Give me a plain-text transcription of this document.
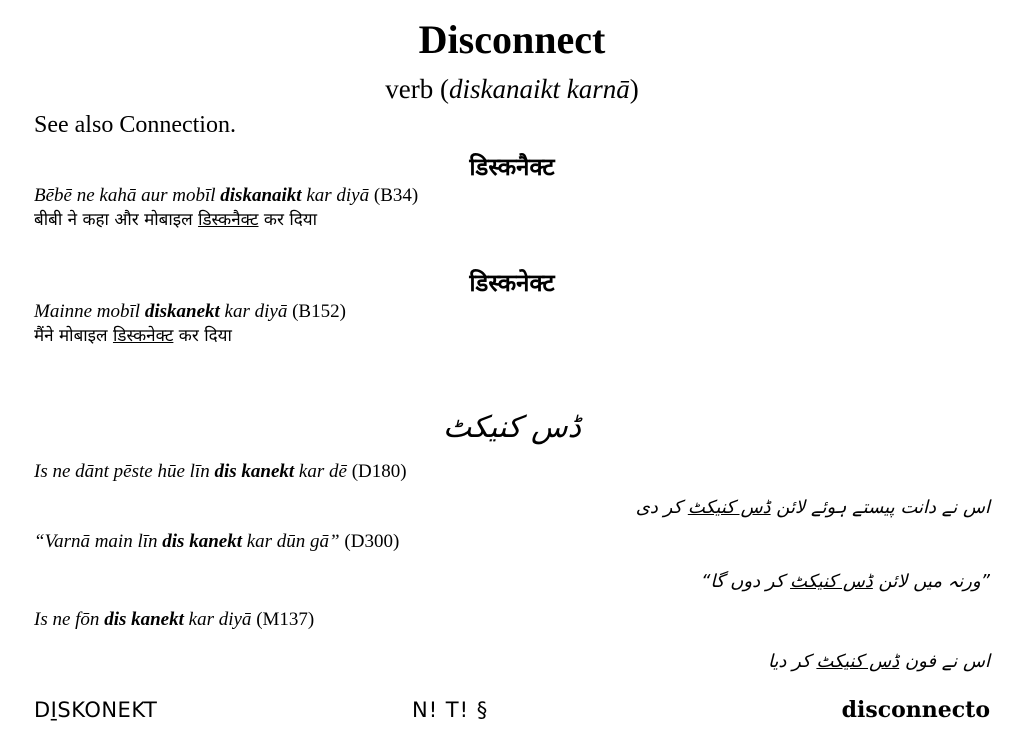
Disconnect
verb (diskanaikt karnā)
See also Connection.
डिस्कनैक्ट
Bēbē ne kahā aur mobīl diskanaikt kar diyā (B34)
बीबी ने कहा और मोबाइल डिस्कनैक्ट कर दिया
डिस्कनेक्ट
Mainne mobīl diskanekt kar diyā (B152)
मैंने मोबाइल डिस्कनेक्ट कर दिया
ڈس کنیکٹ
Is ne dānt pēste hūe līn dis kanekt kar dē (D180)
اس نے دانت پیستے ہوئے لائن ڈس کنیکٹ کر دی
“Varnā main līn dis kanekt kar dūn gā” (D300)
”ورنہ میں لائن ڈس کنیکٹ کر دوں گا“
Is ne fōn dis kanekt kar diyā (M137)
اس نے فون ڈس کنیکٹ کر دیا
DI̱SKONEKT	N! T! §	disconnecto
